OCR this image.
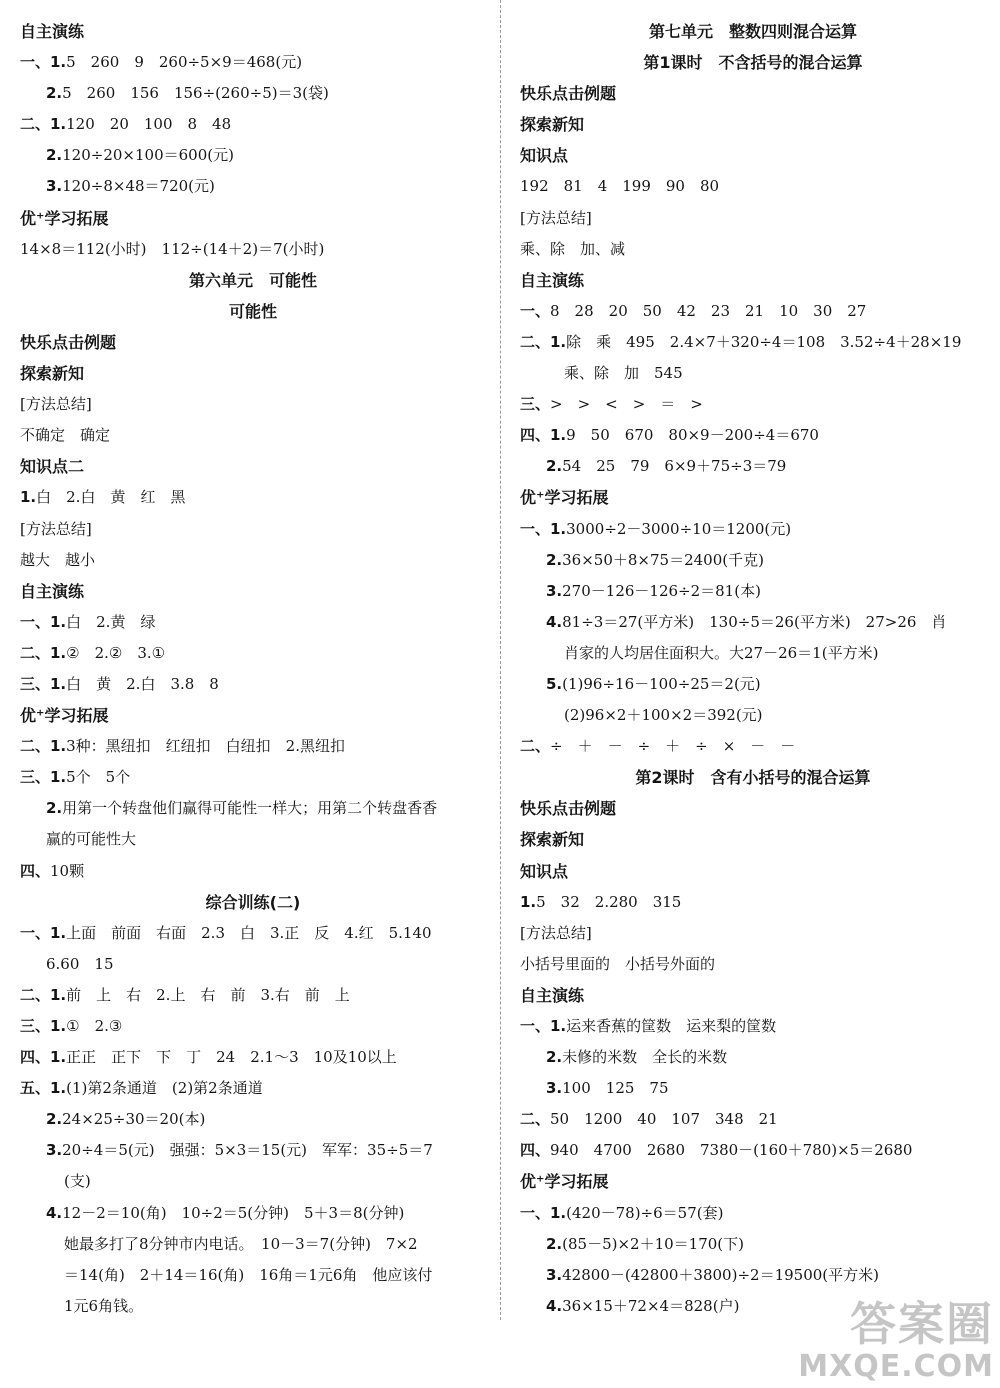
自主演练
一、1.5　260　9　260÷5×9＝468(元)
2.5　260　156　156÷(260÷5)＝3(袋)
二、1.120　20　100　8　48
2.120÷20×100＝600(元)
3.120÷8×48＝720(元)
优⁺学习拓展
14×8＝112(小时)　112÷(14＋2)＝7(小时)
第六单元　可能性
可能性
快乐点击例题
探索新知
[方法总结]
不确定　确定
知识点二
1.白　2.白　黄　红　黑
[方法总结]
越大　越小
自主演练
一、1.白　2.黄　绿
二、1.②　2.②　3.①
三、1.白　黄　2.白　3.8　8
优⁺学习拓展
二、1.3种：黑纽扣　红纽扣　白纽扣　2.黑纽扣
三、1.5个　5个
2.用第一个转盘他们赢得可能性一样大；用第二个转盘香香
赢的可能性大
四、10颗
综合训练(二)
一、1.上面　前面　右面　2.3　白　3.正　反　4.红　5.140
6.60　15
二、1.前　上　右　2.上　右　前　3.右　前　上
三、1.①　2.③
四、1.正正　正下　下　丁　24　2.1～3　10及10以上
五、1.(1)第2条通道　(2)第2条通道
2.24×25÷30＝20(本)
3.20÷4＝5(元)　强强：5×3＝15(元)　军军：35÷5＝7
(支)
4.12－2＝10(角)　10÷2＝5(分钟)　5＋3＝8(分钟)
她最多打了8分钟市内电话。　10－3＝7(分钟)　7×2
＝14(角)　2＋14＝16(角)　16角＝1元6角　他应该付
1元6角钱。
第七单元　整数四则混合运算
第1课时　不含括号的混合运算
快乐点击例题
探索新知
知识点
192　81　4　199　90　80
[方法总结]
乘、除　加、减
自主演练
一、8　28　20　50　42　23　21　10　30　27
二、1.除　乘　495　2.4×7＋320÷4＝108　3.52÷4＋28×19
乘、除　加　545
三、>　>　<　>　＝　>
四、1.9　50　670　80×9－200÷4＝670
2.54　25　79　6×9＋75÷3＝79
优⁺学习拓展
一、1.3000÷2－3000÷10＝1200(元)
2.36×50＋8×75＝2400(千克)
3.270－126－126÷2＝81(本)
4.81÷3＝27(平方米)　130÷5＝26(平方米)　27>26　肖
肖家的人均居住面积大。大27－26＝1(平方米)
5.(1)96÷16－100÷25＝2(元)
(2)96×2＋100×2＝392(元)
二、÷　＋　－　÷　＋　÷　×　－　－
第2课时　含有小括号的混合运算
快乐点击例题
探索新知
知识点
1.5　32　2.280　315
[方法总结]
小括号里面的　小括号外面的
自主演练
一、1.运来香蕉的筐数　运来梨的筐数
2.未修的米数　全长的米数
3.100　125　75
二、50　1200　40　107　348　21
四、940　4700　2680　7380－(160＋780)×5＝2680
优⁺学习拓展
一、1.(420－78)÷6＝57(套)
2.(85－5)×2＋10＝170(下)
3.42800－(42800＋3800)÷2＝19500(平方米)
4.36×15＋72×4＝828(户)	答案圈
MXQE.COM
